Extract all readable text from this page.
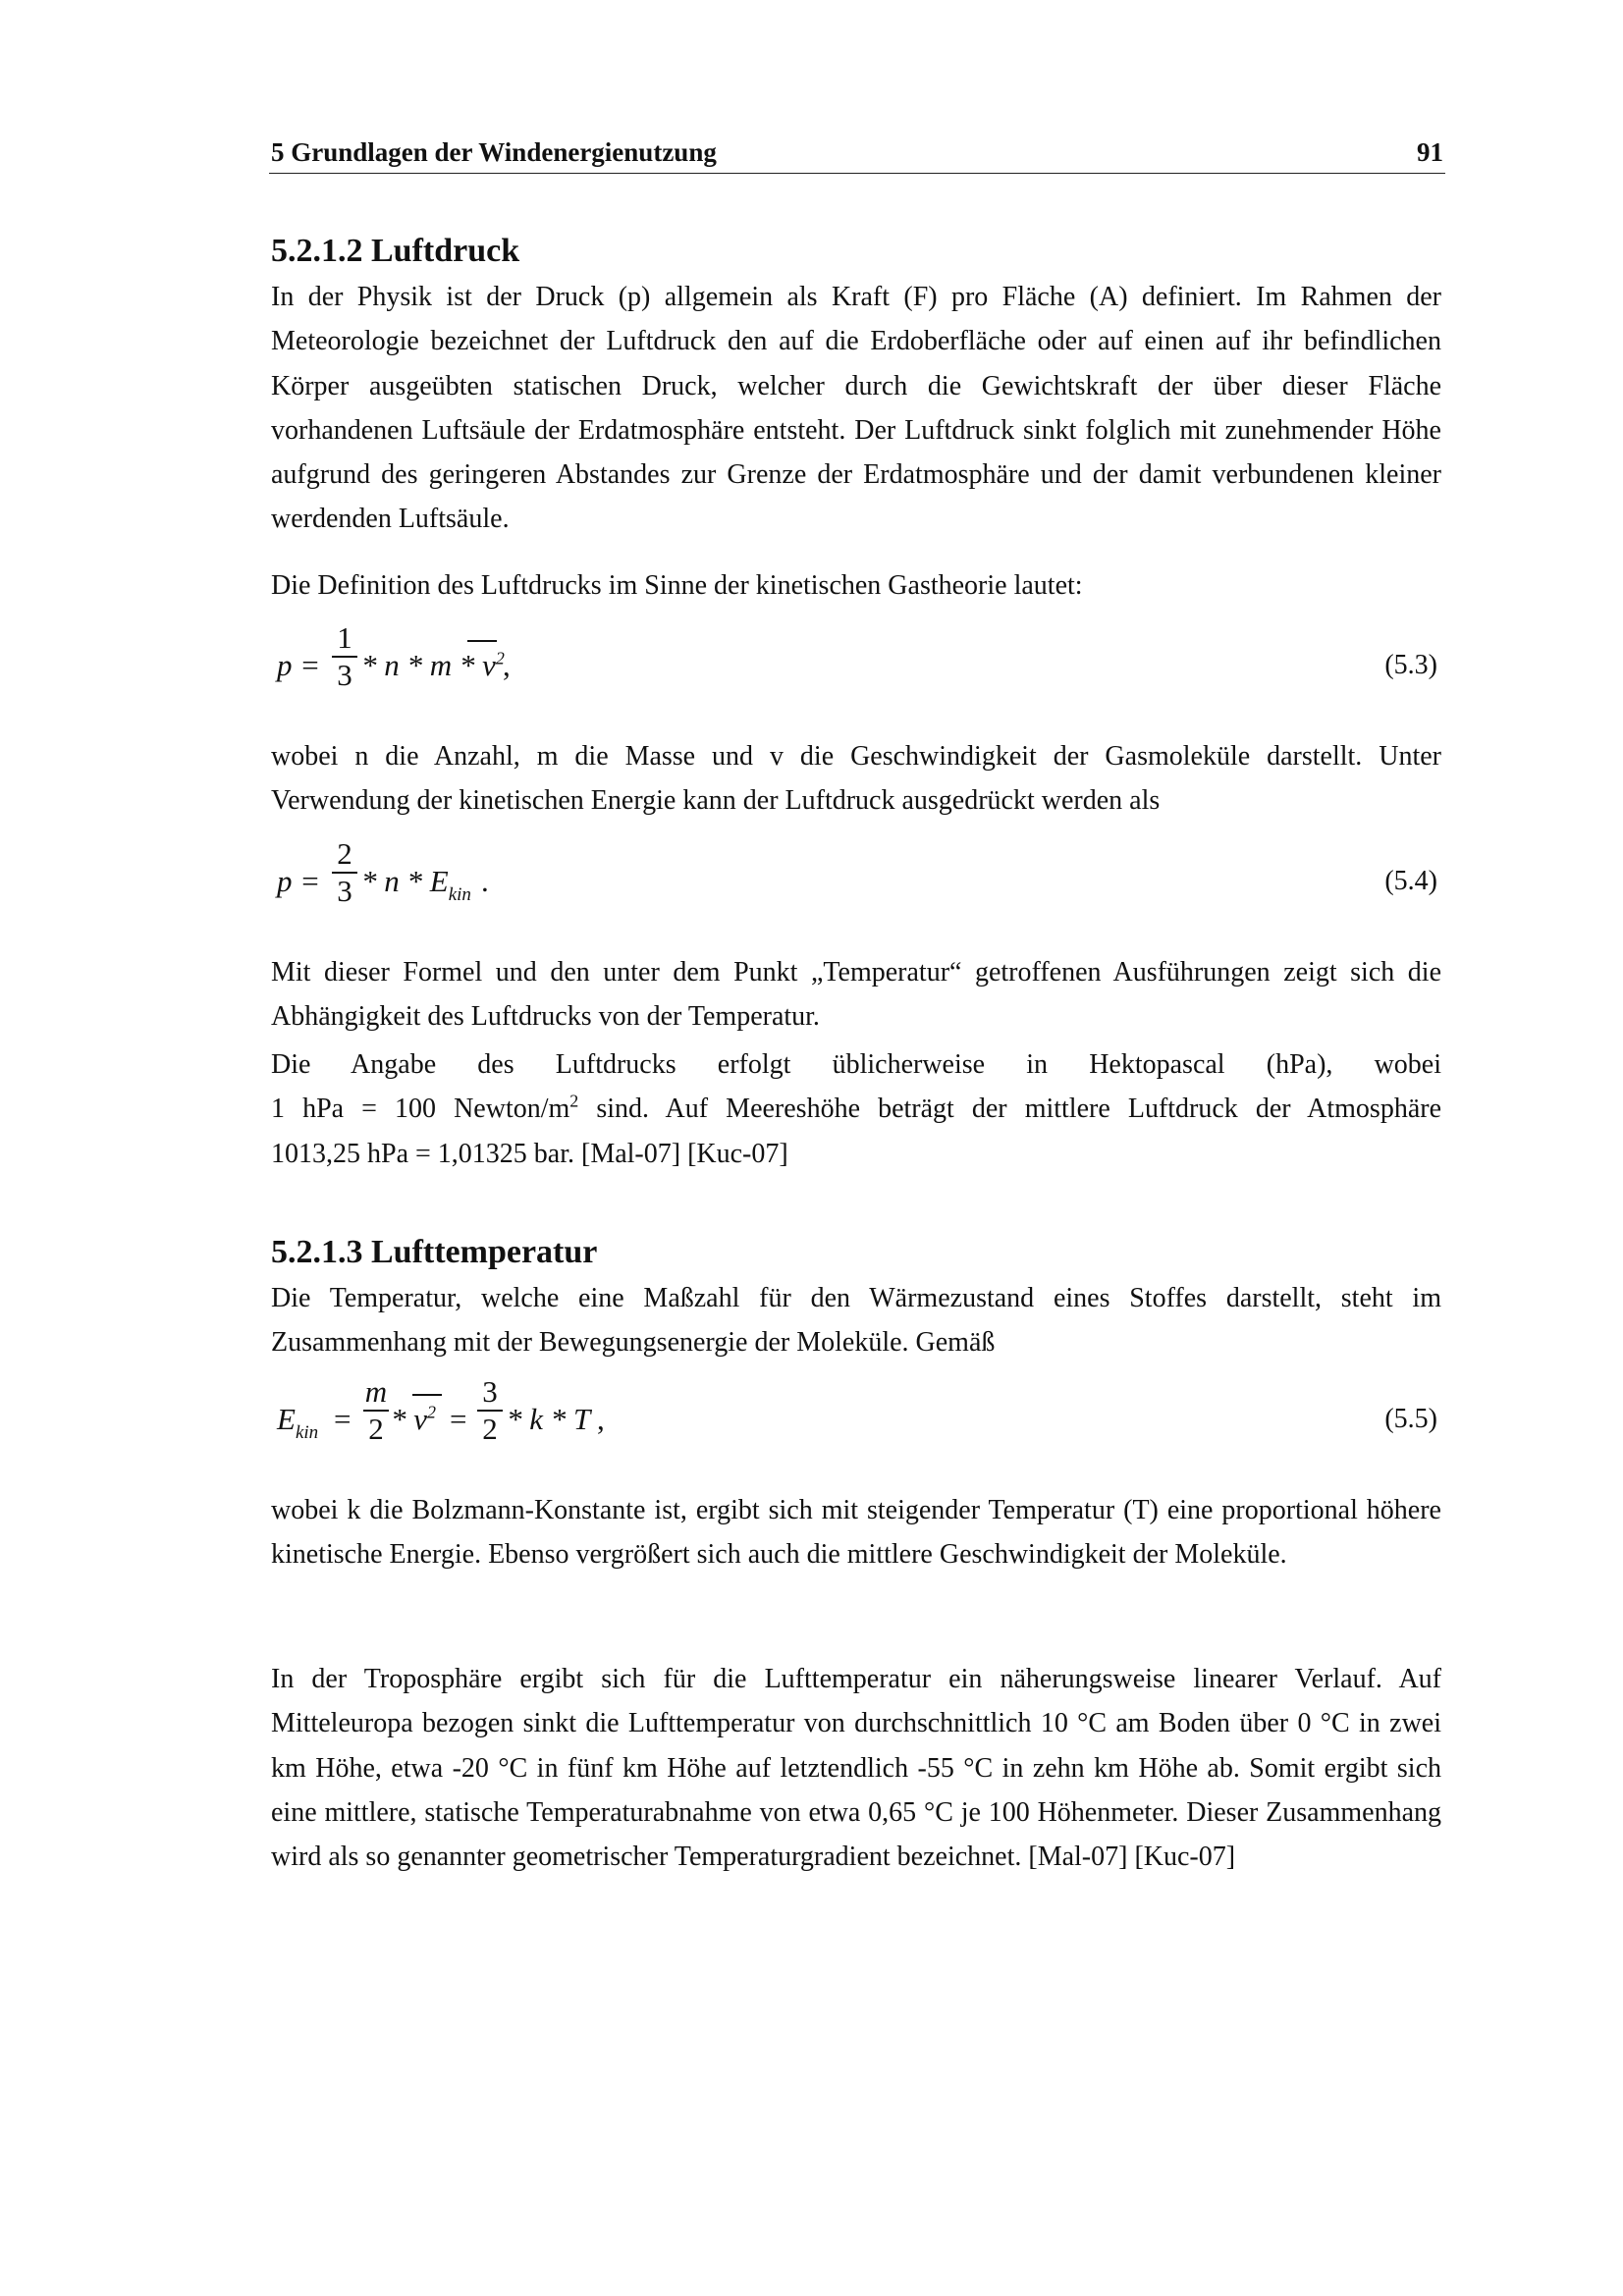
5 Grundlagen der Windenergienutzung	91
5.2.1.2 Luftdruck

In der Physik ist der Druck (p) allgemein als Kraft (F) pro Fläche (A) definiert. Im Rahmen der Meteorologie bezeichnet der Luftdruck den auf die Erdoberfläche oder auf einen auf ihr befindlichen Körper ausgeübten statischen Druck, welcher durch die Gewichtskraft der über dieser Fläche vorhandenen Luftsäule der Erdatmosphäre entsteht. Der Luftdruck sinkt folglich mit zunehmender Höhe aufgrund des geringeren Abstandes zur Grenze der Erdatmosphäre und der damit verbundenen kleiner werdenden Luftsäule.

Die Definition des Luftdrucks im Sinne der kinetischen Gastheorie lautet:

p =
1
3 * n * m * $v^2$
,	(5.3)

wobei n die Anzahl, m die Masse und v die Geschwindigkeit der Gasmoleküle darstellt. Unter Verwendung der kinetischen Energie kann der Luftdruck ausgedrückt werden als

p =
2
3 * n * $E_{kin}$ .	(5.4)

Mit dieser Formel und den unter dem Punkt „Temperatur“ getroffenen Ausführungen zeigt sich die Abhängigkeit des Luftdrucks von der Temperatur.

Die Angabe des Luftdrucks erfolgt üblicherweise in Hektopascal (hPa), wobei
1 hPa = 100 Newton/$m^2$ sind. Auf Meereshöhe beträgt der mittlere Luftdruck der Atmosphäre
1013,25 hPa = 1,01325 bar. [Mal-07] [Kuc-07]
5.2.1.3 Lufttemperatur

Die Temperatur, welche eine Maßzahl für den Wärmezustand eines Stoffes darstellt, steht im Zusammenhang mit der Bewegungsenergie der Moleküle. Gemäß

$E_{kin}$ =
m
$2 * v^2$ =
3
2 * k * T ,	(5.5)

wobei k die Bolzmann-Konstante ist, ergibt sich mit steigender Temperatur (T) eine proportional höhere kinetische Energie. Ebenso vergrößert sich auch die mittlere Geschwindigkeit der Moleküle.

In der Troposphäre ergibt sich für die Lufttemperatur ein näherungsweise linearer Verlauf. Auf Mitteleuropa bezogen sinkt die Lufttemperatur von durchschnittlich 10 °C am Boden über 0 °C in zwei km Höhe, etwa -20 °C in fünf km Höhe auf letztendlich -55 °C in zehn km Höhe ab. Somit ergibt sich eine mittlere, statische Temperaturabnahme von etwa 0,65 °C je 100 Höhenmeter. Dieser Zusammenhang wird als so genannter geometrischer Temperaturgradient bezeichnet. [Mal-07] [Kuc-07]
